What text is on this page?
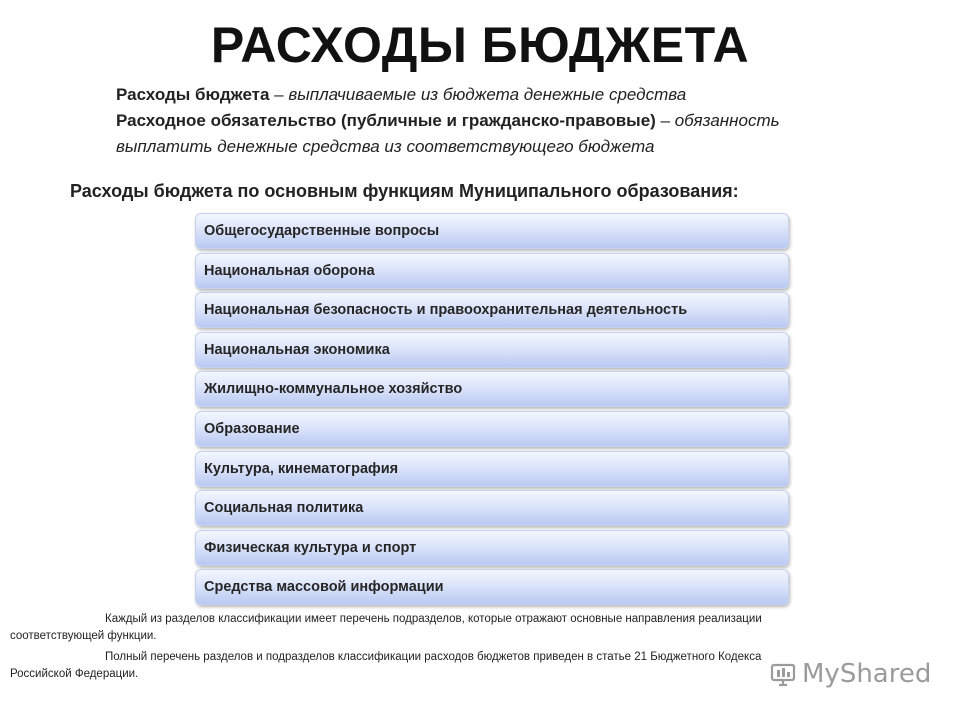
РАСХОДЫ БЮДЖЕТА
Расходы бюджета – выплачиваемые из бюджета денежные средства
Расходное обязательство (публичные и гражданско-правовые) – обязанность
выплатить денежные средства из соответствующего бюджета
Расходы бюджета по основным функциям Муниципального образования:
Общегосударственные вопросы
Национальная оборона
Национальная безопасность и правоохранительная деятельность
Национальная экономика
Жилищно-коммунальное хозяйство
Образование
Культура, кинематография
Социальная политика
Физическая культура и спорт
Средства массовой информации
Каждый из разделов классификации имеет перечень подразделов, которые отражают основные направления реализации
соответствующей функции.
Полный перечень разделов и подразделов классификации расходов бюджетов приведен в статье 21 Бюджетного Кодекса
Российской Федерации.	MyShared
